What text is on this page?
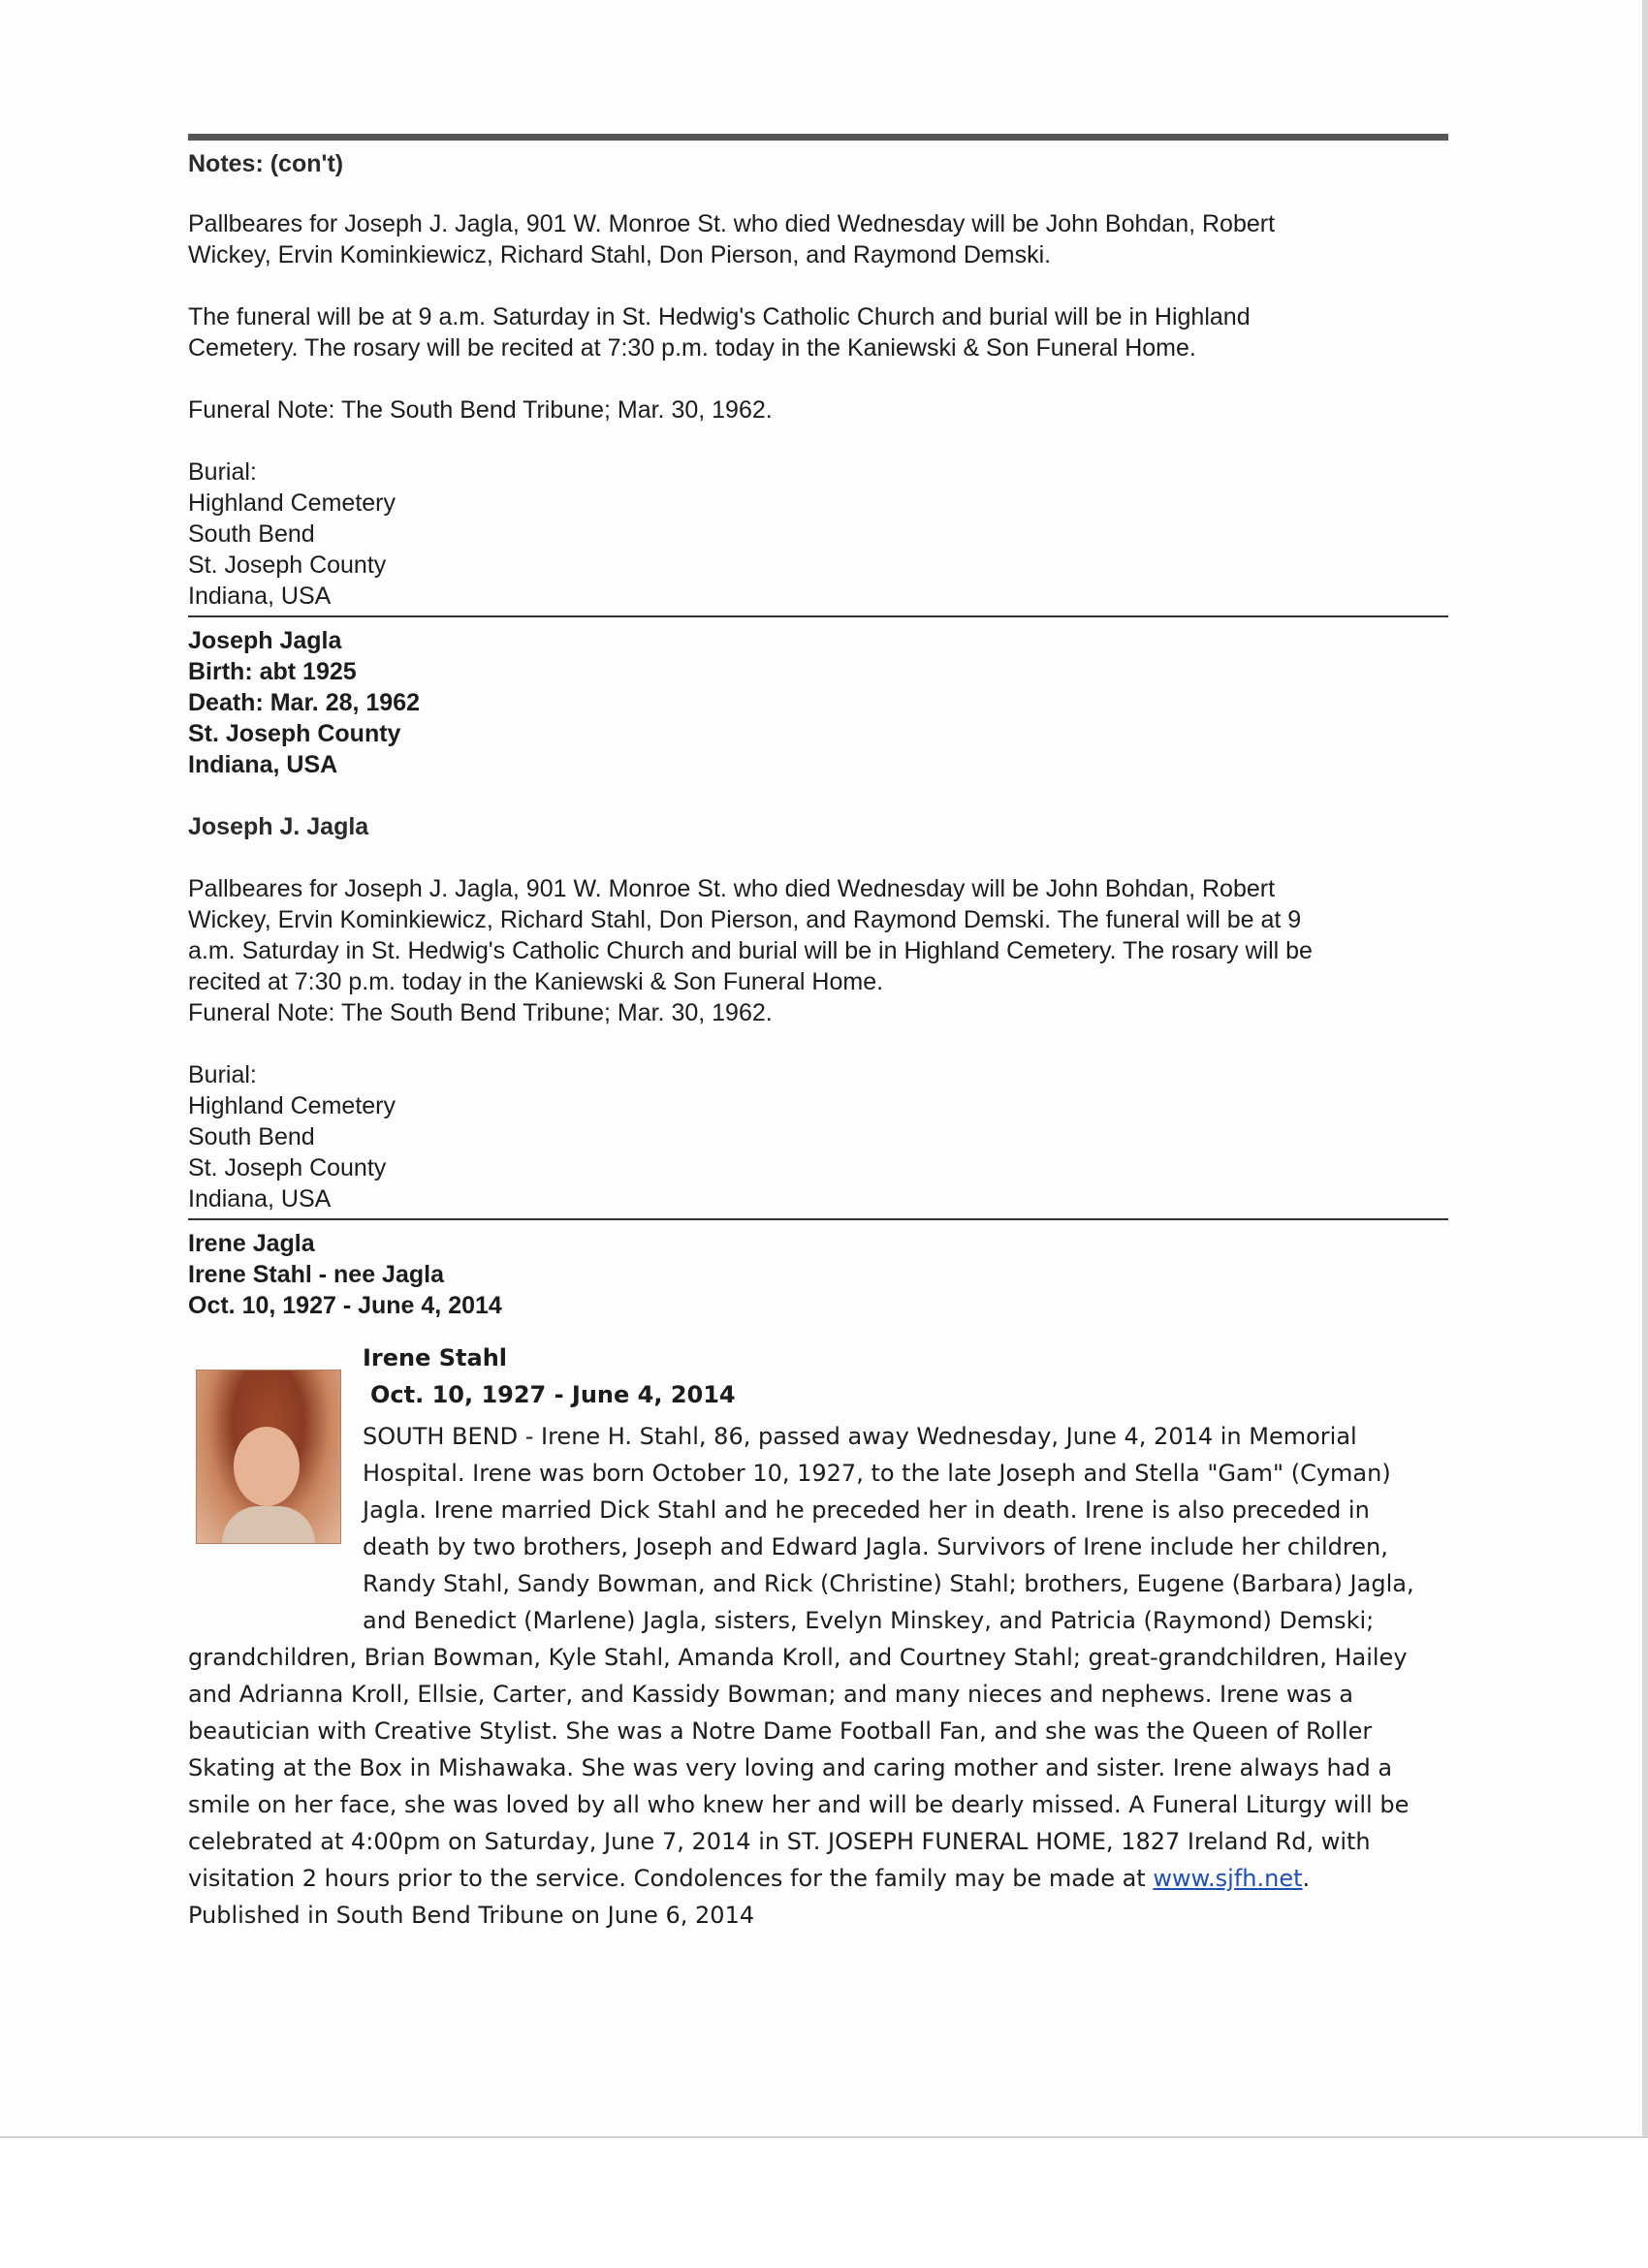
Notes: (con't)

Pallbeares for Joseph J. Jagla, 901 W. Monroe St. who died Wednesday will be John Bohdan, Robert

Wickey, Ervin Kominkiewicz, Richard Stahl, Don Pierson, and Raymond Demski.

The funeral will be at 9 a.m. Saturday in St. Hedwig's Catholic Church and burial will be in Highland

Cemetery. The rosary will be recited at 7:30 p.m. today in the Kaniewski & Son Funeral Home.

Funeral Note: The South Bend Tribune; Mar. 30, 1962.

Burial:
Highland Cemetery
South Bend
St. Joseph County
Indiana, USA
Joseph Jagla
Birth: abt 1925
Death: Mar. 28, 1962
St. Joseph County
Indiana, USA
Joseph J. Jagla

Pallbeares for Joseph J. Jagla, 901 W. Monroe St. who died Wednesday will be John Bohdan, Robert

Wickey, Ervin Kominkiewicz, Richard Stahl, Don Pierson, and Raymond Demski. The funeral will be at 9

a.m. Saturday in St. Hedwig's Catholic Church and burial will be in Highland Cemetery. The rosary will be

recited at 7:30 p.m. today in the Kaniewski & Son Funeral Home.

Funeral Note: The South Bend Tribune; Mar. 30, 1962.

Burial:
Highland Cemetery
South Bend
St. Joseph County
Indiana, USA
Irene Jagla
Irene Stahl - nee Jagla
Oct. 10, 1927 - June 4, 2014
Irene Stahl
Oct. 10, 1927 - June 4, 2014
SOUTH BEND - Irene H. Stahl, 86, passed away Wednesday, June 4, 2014 in Memorial
Hospital. Irene was born October 10, 1927, to the late Joseph and Stella "Gam" (Cyman)
Jagla. Irene married Dick Stahl and he preceded her in death. Irene is also preceded in
death by two brothers, Joseph and Edward Jagla. Survivors of Irene include her children,
Randy Stahl, Sandy Bowman, and Rick (Christine) Stahl; brothers, Eugene (Barbara) Jagla,
and Benedict (Marlene) Jagla, sisters, Evelyn Minskey, and Patricia (Raymond) Demski;
grandchildren, Brian Bowman, Kyle Stahl, Amanda Kroll, and Courtney Stahl; great-grandchildren, Hailey
and Adrianna Kroll, Ellsie, Carter, and Kassidy Bowman; and many nieces and nephews. Irene was a
beautician with Creative Stylist. She was a Notre Dame Football Fan, and she was the Queen of Roller
Skating at the Box in Mishawaka. She was very loving and caring mother and sister. Irene always had a
smile on her face, she was loved by all who knew her and will be dearly missed. A Funeral Liturgy will be
celebrated at 4:00pm on Saturday, June 7, 2014 in ST. JOSEPH FUNERAL HOME, 1827 Ireland Rd, with
visitation 2 hours prior to the service. Condolences for the family may be made at www.sjfh.net.
Published in South Bend Tribune on June 6, 2014
